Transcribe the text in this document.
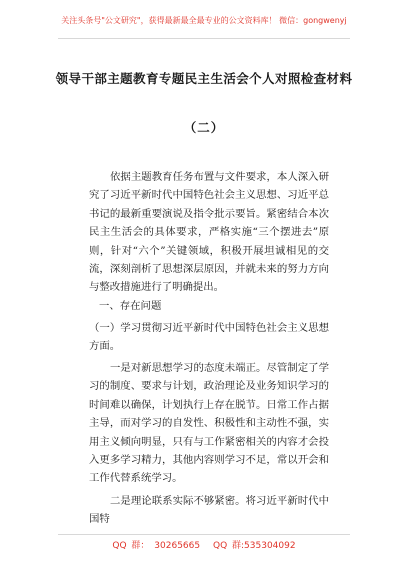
关注头条号"公文研究"，获得最新最全最专业的公文资料库！ 微信：gongwenyj
领导干部主题教育专题民主生活会个人对照检查材料
（二）

依据主题教育任务布置与文件要求，本人深入研究了习近平新时代中国特色社会主义思想、习近平总书记的最新重要演说及指令批示要旨。紧密结合本次民主生活会的具体要求，严格实施“三个摆进去”原则，针对“六个”关键领域，积极开展坦诚相见的交流，深刻剖析了思想深层原因，并就未来的努力方向与整改措施进行了明确提出。

一、存在问题

（一）学习贯彻习近平新时代中国特色社会主义思想方面。

一是对新思想学习的态度未端正。尽管制定了学习的制度、要求与计划，政治理论及业务知识学习的时间难以确保，计划执行上存在脱节。日常工作占据主导，而对学习的自发性、积极性和主动性不强，实用主义倾向明显，只有与工作紧密相关的内容才会投入更多学习精力，其他内容则学习不足，常以开会和工作代替系统学习。

二是理论联系实际不够紧密。将习近平新时代中国特

QQ 群： 30265665 QQ 群:535304092
